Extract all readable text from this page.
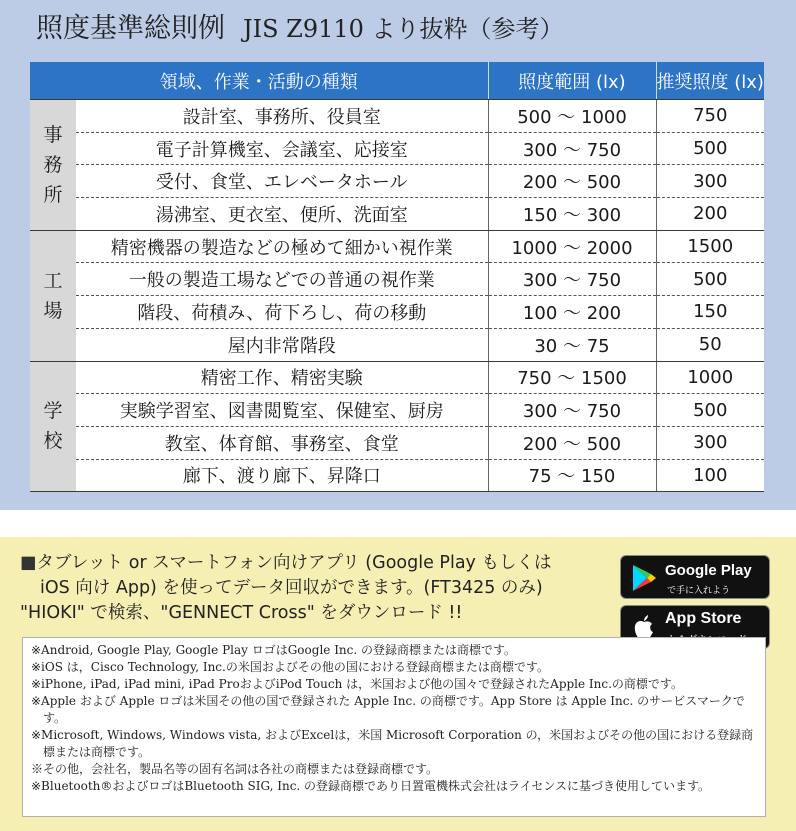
照度基準総則例 JIS Z9110 より抜粋（参考）
領域、作業・活動の種類		照度範囲 (lx)	推奨照度 (lx)

事
務
所	設計室、事務所、役員室	500 ～ 1000	750
	電子計算機室、会議室、応接室	300 ～ 750	500
	受付、食堂、エレベータホール	200 ～ 500	300
	湯沸室、更衣室、便所、洗面室	150 ～ 300	200

工
場	精密機器の製造などの極めて細かい視作業	1000 ～ 2000	1500
	一般の製造工場などでの普通の視作業	300 ～ 750	500
	階段、荷積み、荷下ろし、荷の移動	100 ～ 200	150
	屋内非常階段	30 ～ 75	50

学
校	精密工作、精密実験	750 ～ 1500	1000
	実験学習室、図書閲覧室、保健室、厨房	300 ～ 750	500
	教室、体育館、事務室、食堂	200 ～ 500	300
	廊下、渡り廊下、昇降口	75 ～ 150	100
■タブレット or スマートフォン向けアプリ (Google Play もしくは
iOS 向け App) を使ってデータ回収ができます。(FT3425 のみ)
"HIOKI" で検索、"GENNECT Cross" をダウンロード !!
Google Play
で手に入れよう
App Store
※Android, Google Play, Google Play ロゴはGoogle Inc. の登録商標または商標です。
※iOS は，Cisco Technology, Inc.の米国およびその他の国における登録商標または商標です。
※iPhone, iPad, iPad mini, iPad ProおよびiPod Touch は，米国および他の国々で登録されたApple Inc.の商標です。
※Apple および Apple ロゴは米国その他の国で登録された Apple Inc. の商標です。App Store は Apple Inc. のサービスマークです。
※Microsoft, Windows, Windows vista, およびExcelは，米国 Microsoft Corporation の，米国およびその他の国における登録商標または商標です。
※その他，会社名，製品名等の固有名詞は各社の商標または登録商標です。
※Bluetooth®およびロゴはBluetooth SIG, Inc. の登録商標であり日置電機株式会社はライセンスに基づき使用しています。
